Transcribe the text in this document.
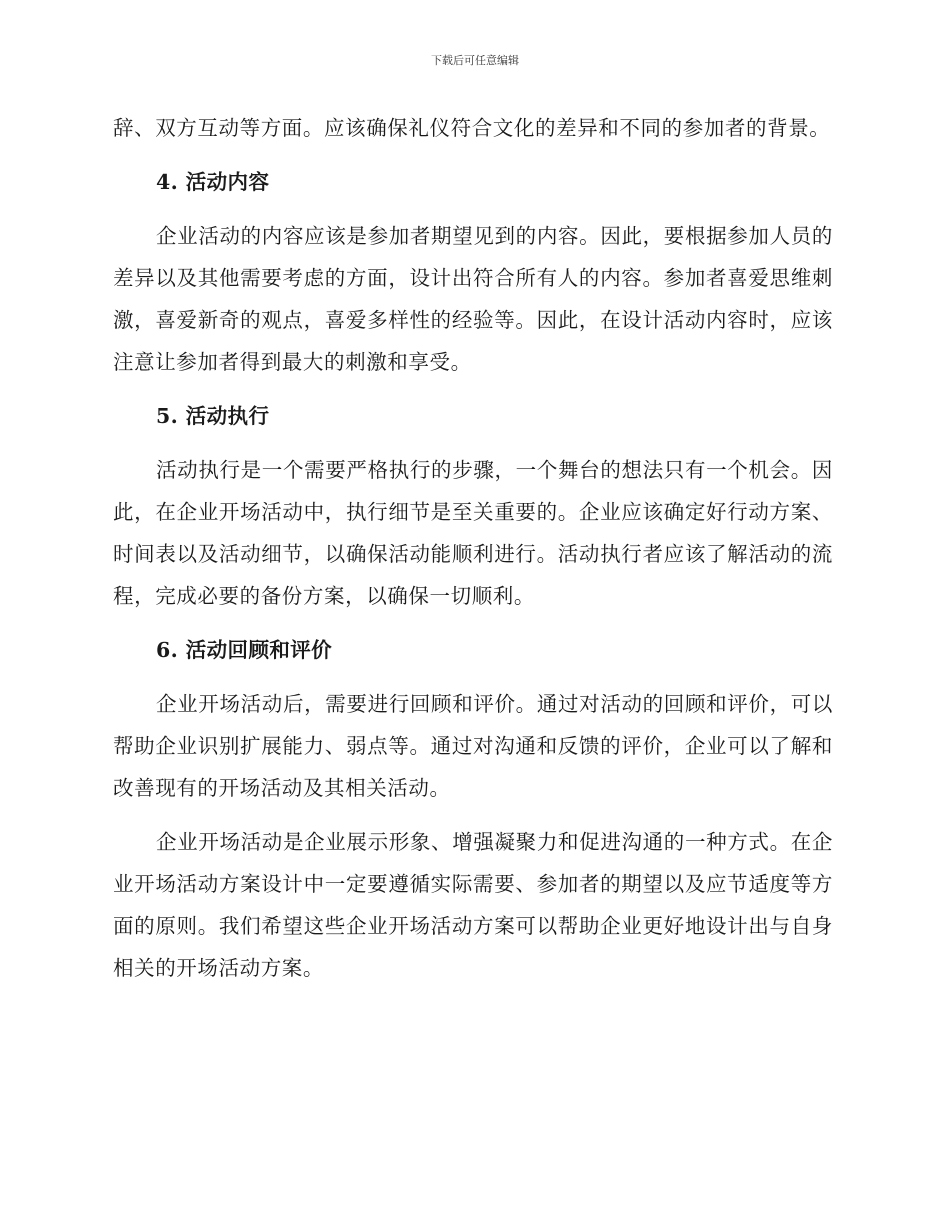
下载后可任意编辑

辞、双方互动等方面。应该确保礼仪符合文化的差异和不同的参加者的背景。

4. 活动内容

企业活动的内容应该是参加者期望见到的内容。因此，要根据参加人员的差异以及其他需要考虑的方面，设计出符合所有人的内容。参加者喜爱思维刺激，喜爱新奇的观点，喜爱多样性的经验等。因此，在设计活动内容时，应该注意让参加者得到最大的刺激和享受。

5. 活动执行

活动执行是一个需要严格执行的步骤，一个舞台的想法只有一个机会。因此，在企业开场活动中，执行细节是至关重要的。企业应该确定好行动方案、时间表以及活动细节，以确保活动能顺利进行。活动执行者应该了解活动的流程，完成必要的备份方案，以确保一切顺利。

6. 活动回顾和评价

企业开场活动后，需要进行回顾和评价。通过对活动的回顾和评价，可以帮助企业识别扩展能力、弱点等。通过对沟通和反馈的评价，企业可以了解和改善现有的开场活动及其相关活动。

企业开场活动是企业展示形象、增强凝聚力和促进沟通的一种方式。在企业开场活动方案设计中一定要遵循实际需要、参加者的期望以及应节适度等方面的原则。我们希望这些企业开场活动方案可以帮助企业更好地设计出与自身相关的开场活动方案。
